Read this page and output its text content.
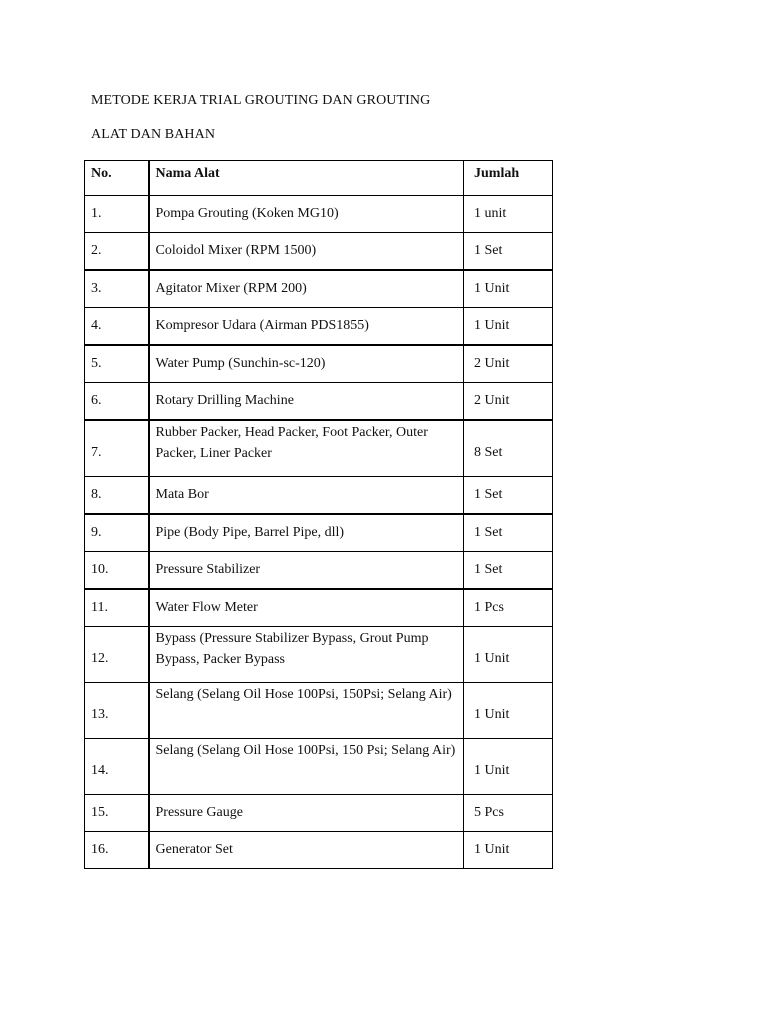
METODE KERJA TRIAL GROUTING DAN GROUTING

ALAT DAN BAHAN

No.	Nama Alat	Jumlah
1.	Pompa Grouting (Koken MG10)	1 unit
2.	Coloidol Mixer (RPM 1500)	1 Set
3.	Agitator Mixer (RPM 200)	1 Unit
4.	Kompresor Udara (Airman PDS1855)	1 Unit
5.	Water Pump (Sunchin-sc-120)	2 Unit
6.	Rotary Drilling Machine	2 Unit
7.	Rubber Packer, Head Packer, Foot Packer, Outer Packer, Liner Packer	8 Set
8.	Mata Bor	1 Set
9.	Pipe (Body Pipe, Barrel Pipe, dll)	1 Set
10.	Pressure Stabilizer	1 Set
11.	Water Flow Meter	1 Pcs
12.	Bypass (Pressure Stabilizer Bypass, Grout Pump Bypass, Packer Bypass	1 Unit
13.	Selang (Selang Oil Hose 100Psi, 150Psi; Selang Air)	1 Unit
14.	Selang (Selang Oil Hose 100Psi, 150 Psi; Selang Air)	1 Unit
15.	Pressure Gauge	5 Pcs
16.	Generator Set	1 Unit
